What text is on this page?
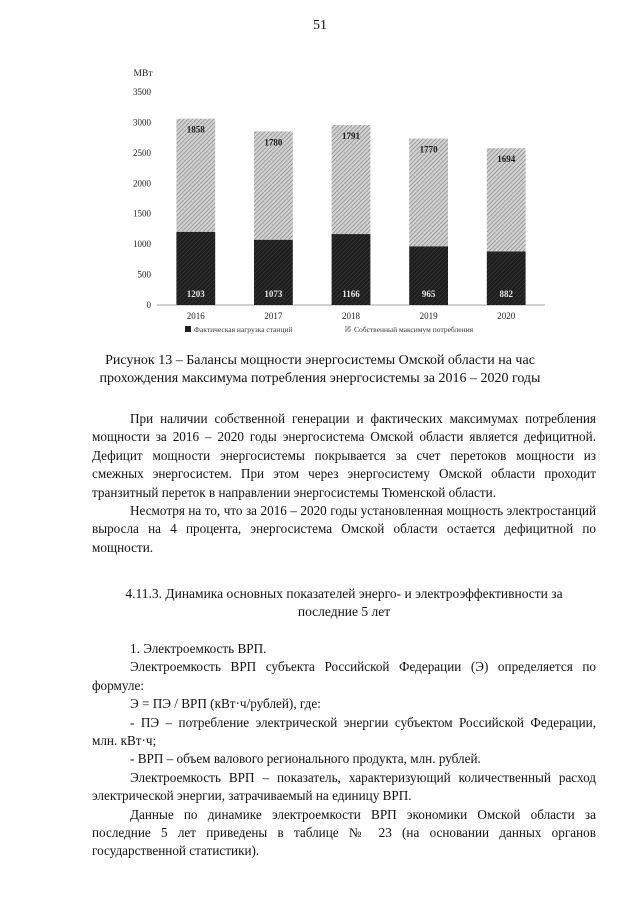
51
МВт
0
500
1000
1500
2000
2500
3000
3500
1203
1858
2016
1073
1780
2017
1166
1791
2018
965
1770
2019
882
1694
2020
Фактическая нагрузка станций	Собственный максимум потребления
Рисунок 13 – Балансы мощности энергосистемы Омской области на час
прохождения максимума потребления энергосистемы за 2016 – 2020 годы

При наличии собственной генерации и фактических максимумах потребления мощности за 2016 – 2020 годы энергосистема Омской области является дефицитной. Дефицит мощности энергосистемы покрывается за счет перетоков мощности из смежных энергосистем. При этом через энергосистему Омской области проходит транзитный переток в направлении энергосистемы Тюменской области.

Несмотря на то, что за 2016 – 2020 годы установленная мощность электростанций выросла на 4 процента, энергосистема Омской области остается дефицитной по мощности.

4.11.3. Динамика основных показателей энерго- и электроэффективности за
последние 5 лет

1. Электроемкость ВРП.

Электроемкость ВРП субъекта Российской Федерации (Э) определяется по формуле:

Э = ПЭ / ВРП (кВт·ч/рублей), где:

- ПЭ – потребление электрической энергии субъектом Российской Федерации, млн. кВт·ч;

- ВРП – объем валового регионального продукта, млн. рублей.

Электроемкость ВРП – показатель, характеризующий количественный расход электрической энергии, затрачиваемый на единицу ВРП.

Данные по динамике электроемкости ВРП экономики Омской области за последние 5 лет приведены в таблице № 23 (на основании данных органов государственной статистики).
